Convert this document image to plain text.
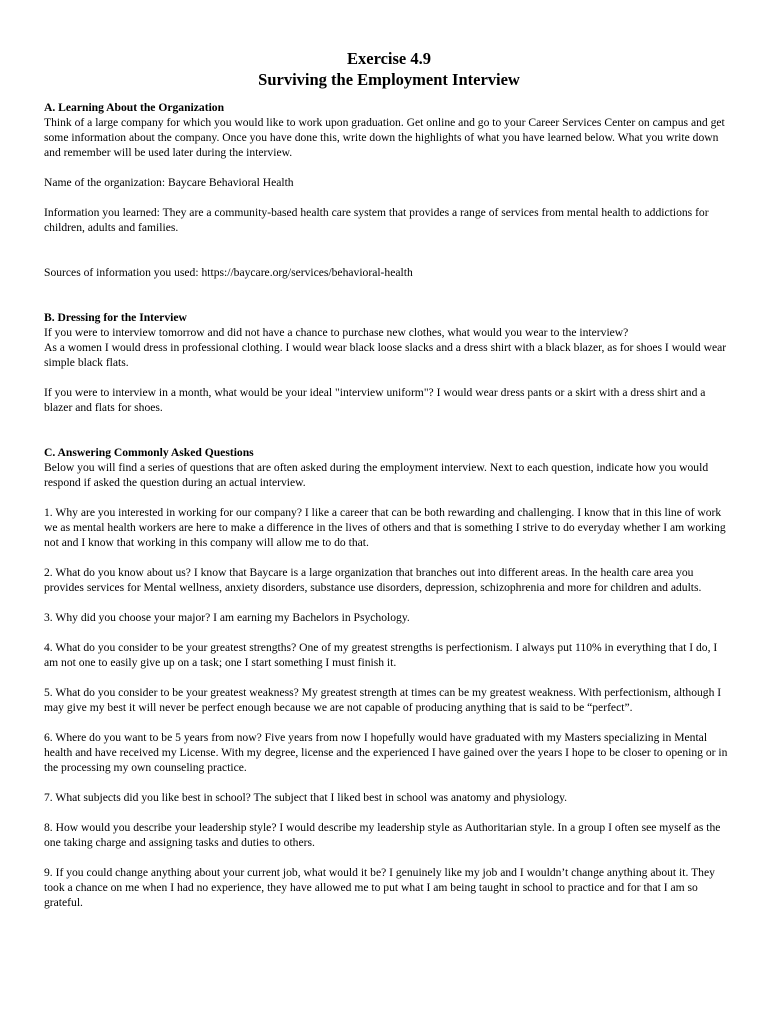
Exercise 4.9
Surviving the Employment Interview
A. Learning About the Organization

Think of a large company for which you would like to work upon graduation. Get online and go to your Career Services Center on campus and get some information about the company. Once you have done this, write down the highlights of what you have learned below. What you write down and remember will be used later during the interview.

Name of the organization: Baycare Behavioral Health

Information you learned: They are a community-based health care system that provides a range of services from mental health to addictions for children, adults and families.

Sources of information you used: https://baycare.org/services/behavioral-health

B. Dressing for the Interview

If you were to interview tomorrow and did not have a chance to purchase new clothes, what would you wear to the interview?

As a women I would dress in professional clothing. I would wear black loose slacks and a dress shirt with a black blazer, as for shoes I would wear simple black flats.

If you were to interview in a month, what would be your ideal "interview uniform"? I would wear dress pants or a skirt with a dress shirt and a blazer and flats for shoes.

C. Answering Commonly Asked Questions

Below you will find a series of questions that are often asked during the employment interview. Next to each question, indicate how you would respond if asked the question during an actual interview.

1. Why are you interested in working for our company? I like a career that can be both rewarding and challenging. I know that in this line of work we as mental health workers are here to make a difference in the lives of others and that is something I strive to do everyday whether I am working not and I know that working in this company will allow me to do that.

2. What do you know about us? I know that Baycare is a large organization that branches out into different areas. In the health care area you provides services for Mental wellness, anxiety disorders, substance use disorders, depression, schizophrenia and more for children and adults.

3. Why did you choose your major? I am earning my Bachelors in Psychology.

4. What do you consider to be your greatest strengths? One of my greatest strengths is perfectionism. I always put 110% in everything that I do, I am not one to easily give up on a task; one I start something I must finish it.

5. What do you consider to be your greatest weakness? My greatest strength at times can be my greatest weakness. With perfectionism, although I may give my best it will never be perfect enough because we are not capable of producing anything that is said to be “perfect”.

6. Where do you want to be 5 years from now? Five years from now I hopefully would have graduated with my Masters specializing in Mental health and have received my License. With my degree, license and the experienced I have gained over the years I hope to be closer to opening or in the processing my own counseling practice.

7. What subjects did you like best in school? The subject that I liked best in school was anatomy and physiology.

8. How would you describe your leadership style? I would describe my leadership style as Authoritarian style. In a group I often see myself as the one taking charge and assigning tasks and duties to others.

9. If you could change anything about your current job, what would it be? I genuinely like my job and I wouldn’t change anything about it. They took a chance on me when I had no experience, they have allowed me to put what I am being taught in school to practice and for that I am so grateful.
